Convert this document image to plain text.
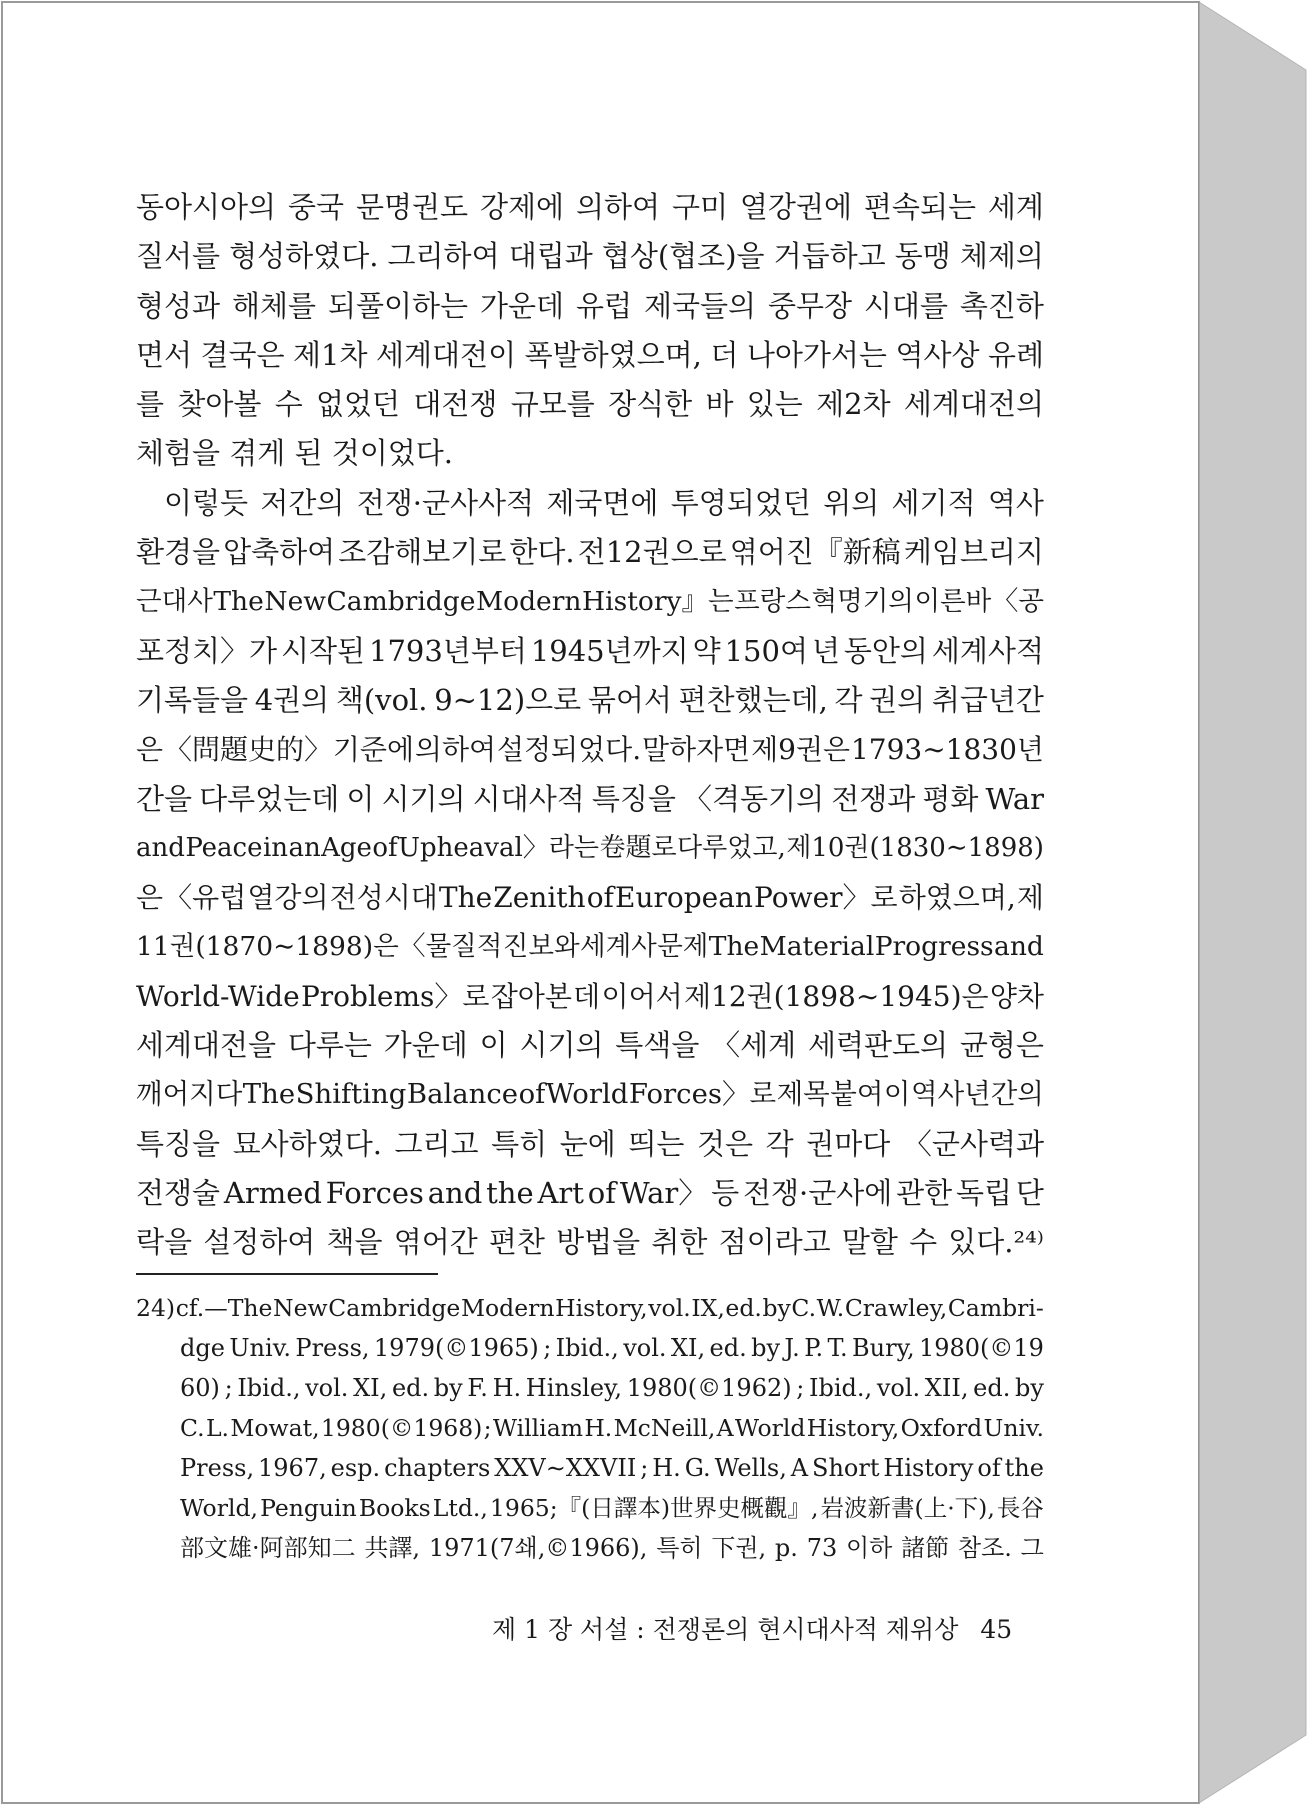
동아시아의 중국 문명권도 강제에 의하여 구미 열강권에 편속되는 세계
질서를 형성하였다. 그리하여 대립과 협상(협조)을 거듭하고 동맹 체제의
형성과 해체를 되풀이하는 가운데 유럽 제국들의 중무장 시대를 촉진하
면서 결국은 제1차 세계대전이 폭발하였으며, 더 나아가서는 역사상 유례
를 찾아볼 수 없었던 대전쟁 규모를 장식한 바 있는 제2차 세계대전의
체험을 겪게 된 것이었다.
이렇듯 저간의 전쟁·군사사적 제국면에 투영되었던 위의 세기적 역사
환경을 압축하여 조감해보기로 한다. 전12권으로 엮어진『新稿 케임브리지
근대사 The New Cambridge Modern History』는 프랑스 혁명기의 이른바 〈공
포정치〉가 시작된 1793년부터 1945년까지 약 150여 년 동안의 세계사적
기록들을 4권의 책(vol. 9∼12)으로 묶어서 편찬했는데, 각 권의 취급년간
은 〈問題史的〉 기준에 의하여 설정되었다. 말하자면 제9권은 1793∼1830년
간을 다루었는데 이 시기의 시대사적 특징을 〈격동기의 전쟁과 평화 War
and Peace in an Age of Upheaval〉라는 卷題로 다루었고, 제10권(1830∼1898)
은 〈유럽 열강의 전성시대 The Zenith of European Power〉로 하였으며, 제
11권(1870∼1898)은 〈물질적 진보와 세계사 문제 The Material Progress and
World-Wide Problems〉로 잡아본 데 이어서 제12권(1898∼1945)은 양차
세계대전을 다루는 가운데 이 시기의 특색을 〈세계 세력판도의 균형은
깨어지다 The Shifting Balance of World Forces〉로 제목 붙여 이 역사년간의
특징을 묘사하였다. 그리고 특히 눈에 띄는 것은 각 권마다 〈군사력과
전쟁술 Armed Forces and the Art of War〉 등 전쟁·군사에 관한 독립 단
락을 설정하여 책을 엮어간 편찬 방법을 취한 점이라고 말할 수 있다.²⁴⁾
24) cf.—The New Cambridge Modern History, vol. IX, ed. by C. W. Crawley, Cambri-
dge Univ. Press, 1979(©1965) ; Ibid., vol. XI, ed. by J. P. T. Bury, 1980(©19
60) ; Ibid., vol. XI, ed. by F. H. Hinsley, 1980(©1962) ; Ibid., vol. XII, ed. by
C. L. Mowat, 1980(©1968) ; William H. McNeill, A World History, Oxford Univ.
Press, 1967, esp. chapters XXV∼XXVII ; H. G. Wells, A Short History of the
World, Penguin Books Ltd., 1965;『(日譯本)世界史概觀』, 岩波新書(上·下), 長谷
部文雄·阿部知二 共譯, 1971(7쇄,©1966), 특히 下권, p. 73 이하 諸節 참조. 그
제 1 장 서설 : 전쟁론의 현시대사적 제위상 45
